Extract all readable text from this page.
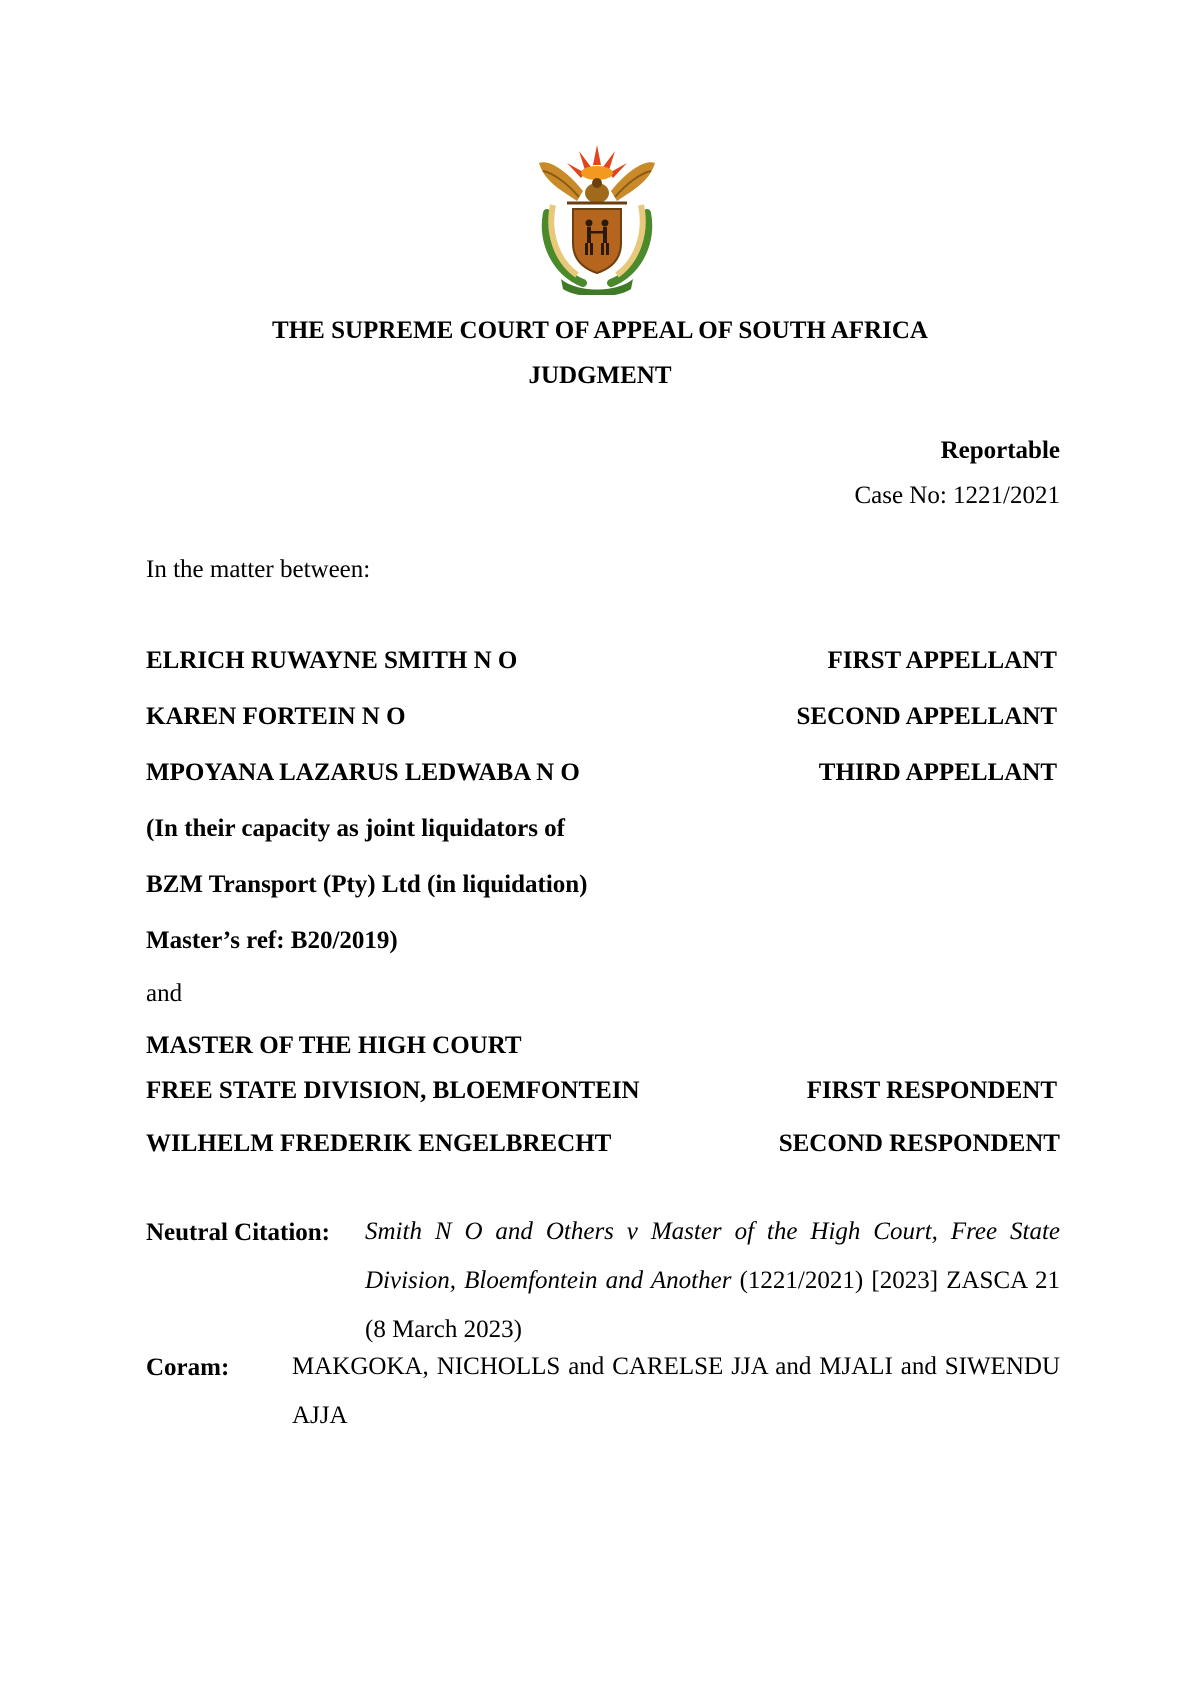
THE SUPREME COURT OF APPEAL OF SOUTH AFRICA
JUDGMENT
Reportable
Case No: 1221/2021
In the matter between:
ELRICH RUWAYNE SMITH N O	FIRST APPELLANT
KAREN FORTEIN N O	SECOND APPELLANT
MPOYANA LAZARUS LEDWABA N O	THIRD APPELLANT
(In their capacity as joint liquidators of
BZM Transport (Pty) Ltd (in liquidation)
Master’s ref: B20/2019)
and
MASTER OF THE HIGH COURT
FREE STATE DIVISION, BLOEMFONTEIN	FIRST RESPONDENT
WILHELM FREDERIK ENGELBRECHT	SECOND RESPONDENT
Neutral Citation: Smith N O and Others v Master of the High Court, Free State Division, Bloemfontein and Another (1221/2021) [2023] ZASCA 21 (8 March 2023)
Coram:	MAKGOKA, NICHOLLS and CARELSE JJA and MJALI and SIWENDU AJJA
